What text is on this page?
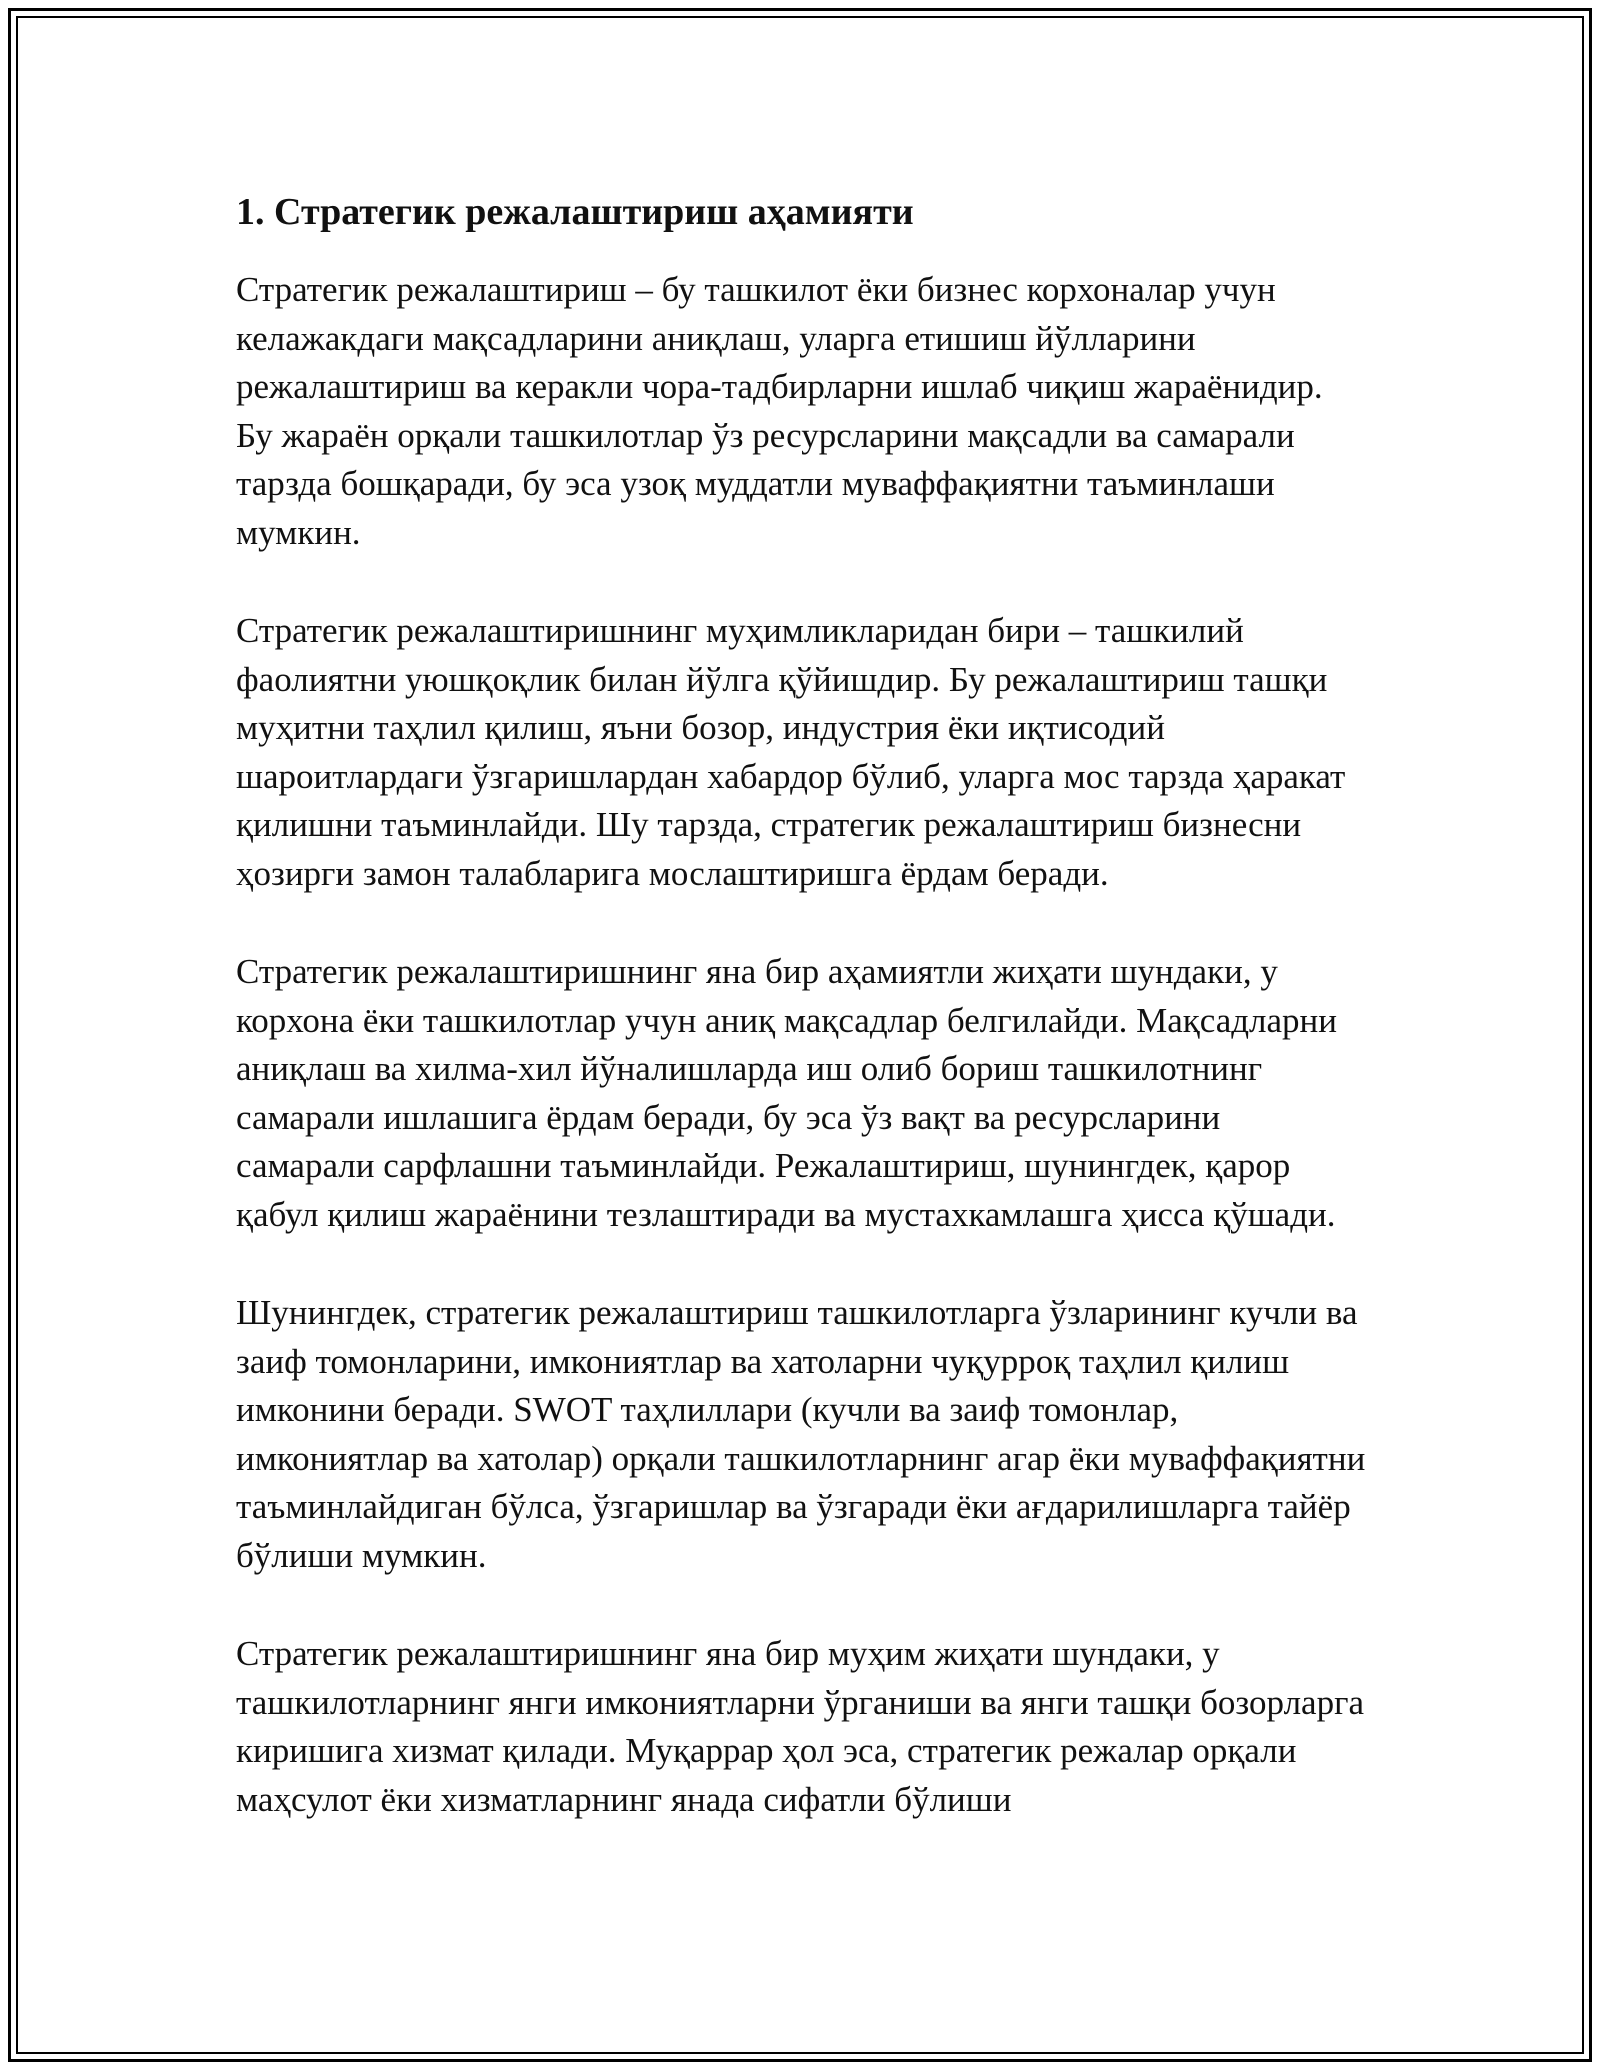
1. Стратегик режалаштириш аҳамияти

Стратегик режалаштириш – бу ташкилот ёки бизнес корхоналар учун келажакдаги мақсадларини аниқлаш, уларга етишиш йўлларини режалаштириш ва керакли чора-тадбирларни ишлаб чиқиш жараёнидир. Бу жараён орқали ташкилотлар ўз ресурсларини мақсадли ва самарали тарзда бошқаради, бу эса узоқ муддатли муваффақиятни таъминлаши мумкин.

Стратегик режалаштиришнинг муҳимликларидан бири – ташкилий фаолиятни уюшқоқлик билан йўлга қўйишдир. Бу режалаштириш ташқи муҳитни таҳлил қилиш, яъни бозор, индустрия ёки иқтисодий шароитлардаги ўзгаришлардан хабардор бўлиб, уларга мос тарзда ҳаракат қилишни таъминлайди. Шу тарзда, стратегик режалаштириш бизнесни ҳозирги замон талабларига мослаштиришга ёрдам беради.

Стратегик режалаштиришнинг яна бир аҳамиятли жиҳати шундаки, у корхона ёки ташкилотлар учун аниқ мақсадлар белгилайди. Мақсадларни аниқлаш ва хилма-хил йўналишларда иш олиб бориш ташкилотнинг самарали ишлашига ёрдам беради, бу эса ўз вақт ва ресурсларини самарали сарфлашни таъминлайди. Режалаштириш, шунингдек, қарор қабул қилиш жараёнини тезлаштиради ва мустахкамлашга ҳисса қўшади.

Шунингдек, стратегик режалаштириш ташкилотларга ўзларининг кучли ва заиф томонларини, имкониятлар ва хатоларни чуқурроқ таҳлил қилиш имконини беради. SWOT таҳлиллари (кучли ва заиф томонлар, имкониятлар ва хатолар) орқали ташкилотларнинг агар ёки муваффақиятни таъминлайдиган бўлса, ўзгаришлар ва ўзгаради ёки ағдарилишларга тайёр бўлиши мумкин.

Стратегик режалаштиришнинг яна бир муҳим жиҳати шундаки, у ташкилотларнинг янги имкониятларни ўрганиши ва янги ташқи бозорларга киришига хизмат қилади. Муқаррар ҳол эса, стратегик режалар орқали маҳсулот ёки хизматларнинг янада сифатли бўлиши
